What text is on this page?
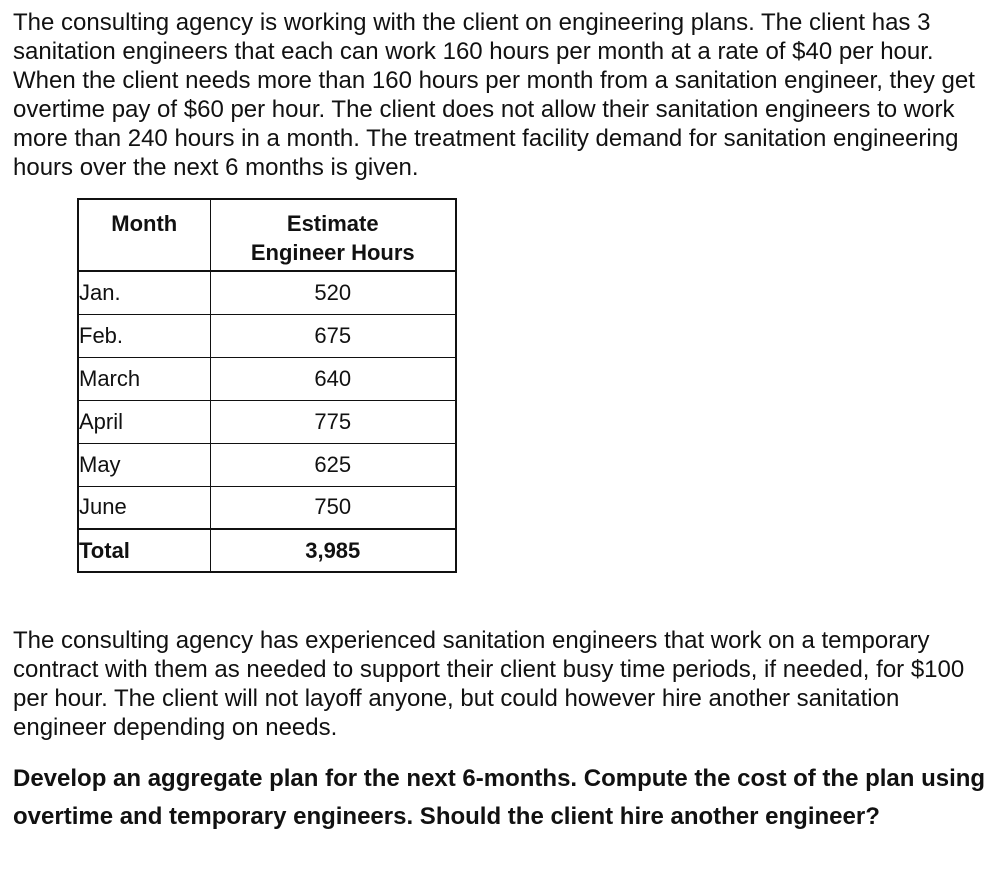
The consulting agency is working with the client on engineering plans. The client has 3 sanitation engineers that each can work 160 hours per month at a rate of $40 per hour. When the client needs more than 160 hours per month from a sanitation engineer, they get overtime pay of $60 per hour. The client does not allow their sanitation engineers to work more than 240 hours in a month. The treatment facility demand for sanitation engineering hours over the next 6 months is given.

Month	Estimate
Engineer Hours
Jan.	520
Feb.	675
March	640
April	775
May	625
June	750
Total	3,985

The consulting agency has experienced sanitation engineers that work on a temporary contract with them as needed to support their client busy time periods, if needed, for $100 per hour. The client will not layoff anyone, but could however hire another sanitation engineer depending on needs.

Develop an aggregate plan for the next 6-months. Compute the cost of the plan using overtime and temporary engineers. Should the client hire another engineer?
